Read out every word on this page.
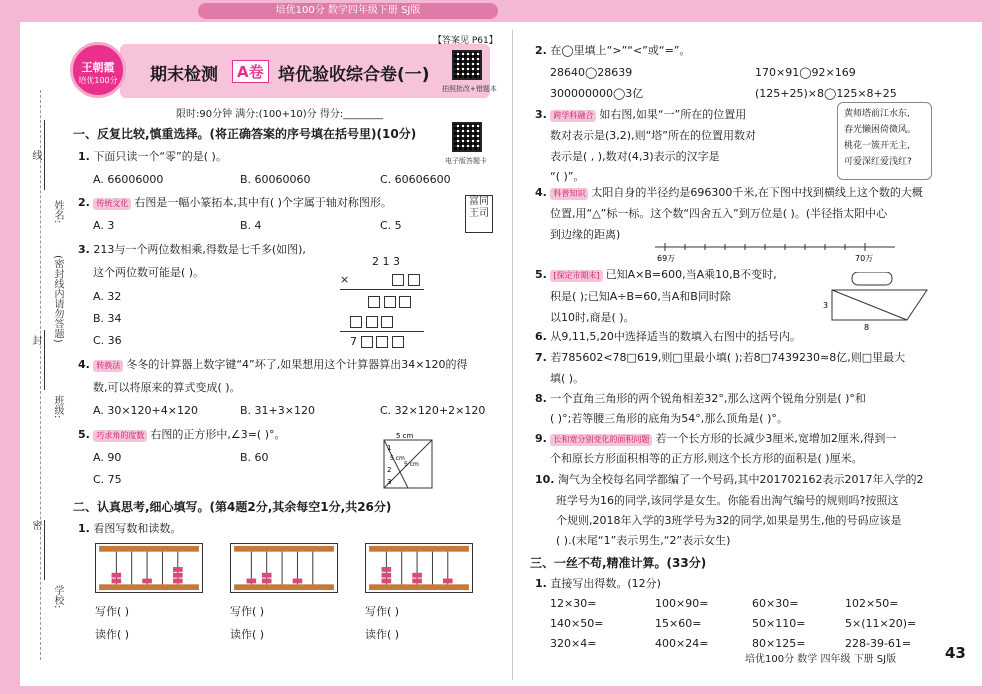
培优100分 数学四年级下册 SJ版
线
封
密
姓名:
(密封线内请勿答题)
班级:
学校:
王朝霞
培优100分	期末检测	A卷 培优验收综合卷(一)
【答案见 P61】
拍照批改+错题本
电子版答题卡
限时:90分钟 满分:(100+10)分 得分:________
一、反复比较,慎重选择。(将正确答案的序号填在括号里)(10分)
1. 下面只读一个“零”的是( )。
A. 66006000	B. 60060060	C. 60606600
2. 传统文化 右图是一幅小篆拓本,其中有( )个字属于轴对称图形。
A. 3	B. 4	C. 5
富同王司
3. 213与一个两位数相乘,得数是七千多(如图),
这个两位数可能是( )。
A. 32
B. 34
C. 36
2 1 3
×

7
4. 转换法 冬冬的计算器上数字键“4”坏了,如果想用这个计算器算出34×120的得
数,可以将原来的算式变成( )。
A. 30×120+4×120	B. 31+3×120	C. 32×120+2×120
5. 巧求角的度数 右图的正方形中,∠3=( )°。
A. 90	B. 60
C. 75
5 cm
5 cm
5 cm
1
2
3
二、认真思考,细心填写。(第4题2分,其余每空1分,共26分)
1. 看图写数和读数。
写作( )
读作( )
写作( )
读作( )
写作( )
读作( )
2. 在◯里填上“>”“<”或“=”。
28640◯28639	170×91◯92×169
300000000◯3亿	(125+25)×8◯125×8+25
3. 跨学科融合 如右图,如果“一”所在的位置用
数对表示是(3,2),则“塔”所在的位置用数对
表示是( , ),数对(4,3)表示的汉字是
“( )”。
黄师塔前江水东,
春光懒困倚微风。
桃花一簇开无主,
可爱深红爱浅红?
4. 科普知识 太阳自身的半径约是696300千米,在下图中找到横线上这个数的大概
位置,用“△”标一标。这个数“四舍五入”到万位是( )。(半径指太阳中心
到边缘的距离)
69万	70万
5. [保定市期末] 已知A×B=600,当A乘10,B不变时,
积是( );已知A÷B=60,当A和B同时除
以10时,商是( )。
3
8
6. 从9,11,5,20中选择适当的数填入右图中的括号内。
7. 若785602<78□619,则□里最小填( );若8□7439230≈8亿,则□里最大
填( )。
8. 一个直角三角形的两个锐角相差32°,那么这两个锐角分别是( )°和
( )°;若等腰三角形的底角为54°,那么顶角是( )°。
9. 长和宽分别变化的面积问题 若一个长方形的长减少3厘米,宽增加2厘米,得到一
个和原长方形面积相等的正方形,则这个长方形的面积是( )厘米。
10. 淘气为全校每名同学都编了一个号码,其中201702162表示2017年入学的2
班学号为16的同学,该同学是女生。你能看出淘气编号的规则吗?按照这
个规则,2018年入学的3班学号为32的同学,如果是男生,他的号码应该是
( ).(末尾“1”表示男生,“2”表示女生)
三、一丝不苟,精准计算。(33分)
1. 直接写出得数。(12分)
12×30=	100×90=	60×30=	102×50=
140×50=	15×60=	50×110=	5×(11×20)=
320×4=	400×24=	80×125=	228-39-61=
培优100分 数学 四年级 下册 SJ版	43
